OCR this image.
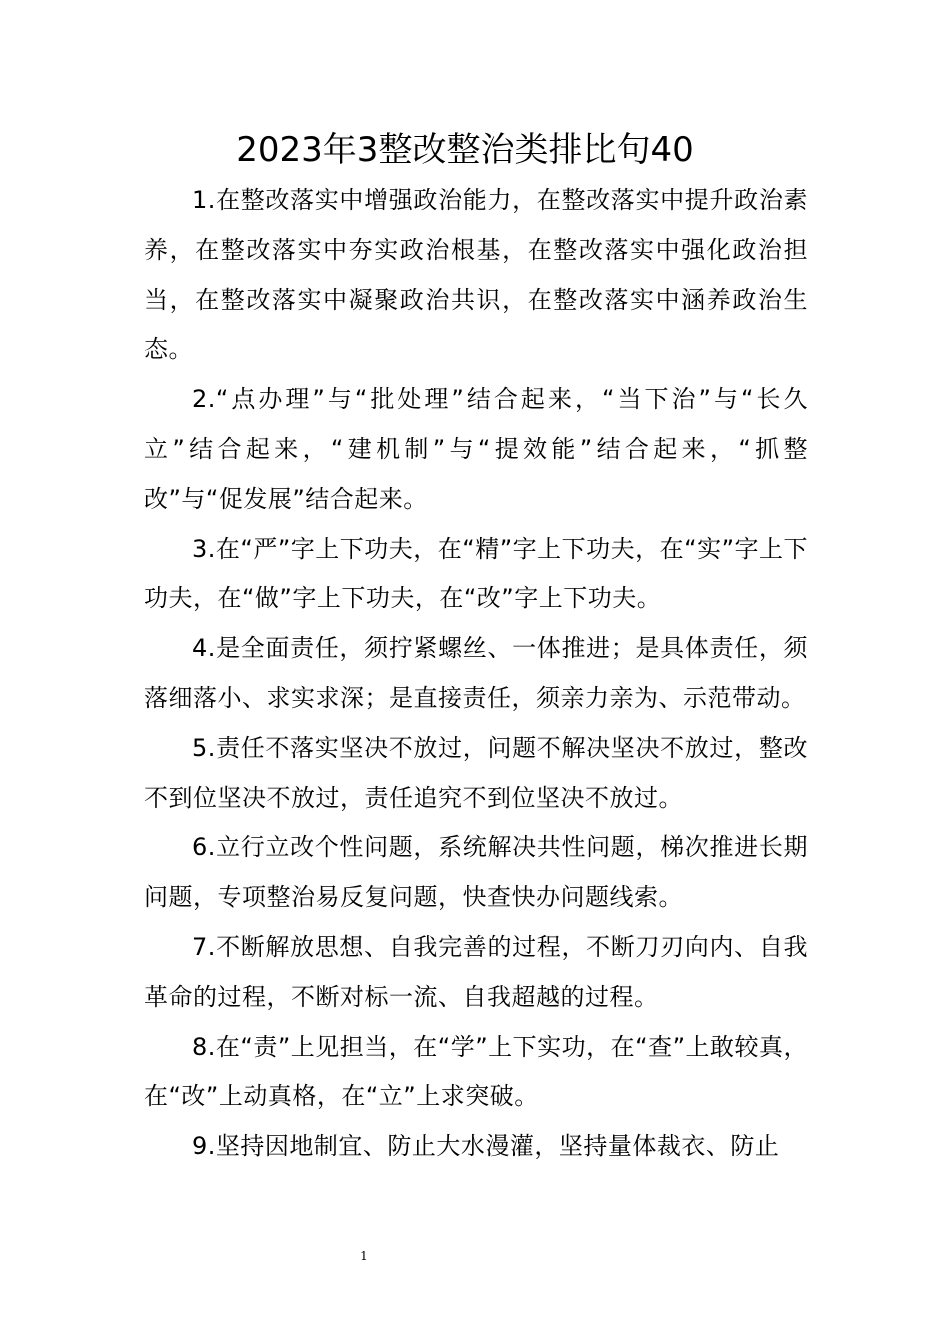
2023年3整改整治类排比句40

1.在整改落实中增强政治能力，在整改落实中提升政治素养，在整改落实中夯实政治根基，在整改落实中强化政治担当，在整改落实中凝聚政治共识，在整改落实中涵养政治生态。

2.“点办理”与“批处理”结合起来，“当下治”与“长久立”结合起来，“建机制”与“提效能”结合起来，“抓整改”与“促发展”结合起来。

3.在“严”字上下功夫，在“精”字上下功夫，在“实”字上下功夫，在“做”字上下功夫，在“改”字上下功夫。

4.是全面责任，须拧紧螺丝、一体推进；是具体责任，须落细落小、求实求深；是直接责任，须亲力亲为、示范带动。

5.责任不落实坚决不放过，问题不解决坚决不放过，整改不到位坚决不放过，责任追究不到位坚决不放过。

6.立行立改个性问题，系统解决共性问题，梯次推进长期问题，专项整治易反复问题，快查快办问题线索。

7.不断解放思想、自我完善的过程，不断刀刃向内、自我革命的过程，不断对标一流、自我超越的过程。

8.在“责”上见担当，在“学”上下实功，在“查”上敢较真，在“改”上动真格，在“立”上求突破。

9.坚持因地制宜、防止大水漫灌，坚持量体裁衣、防止

1
